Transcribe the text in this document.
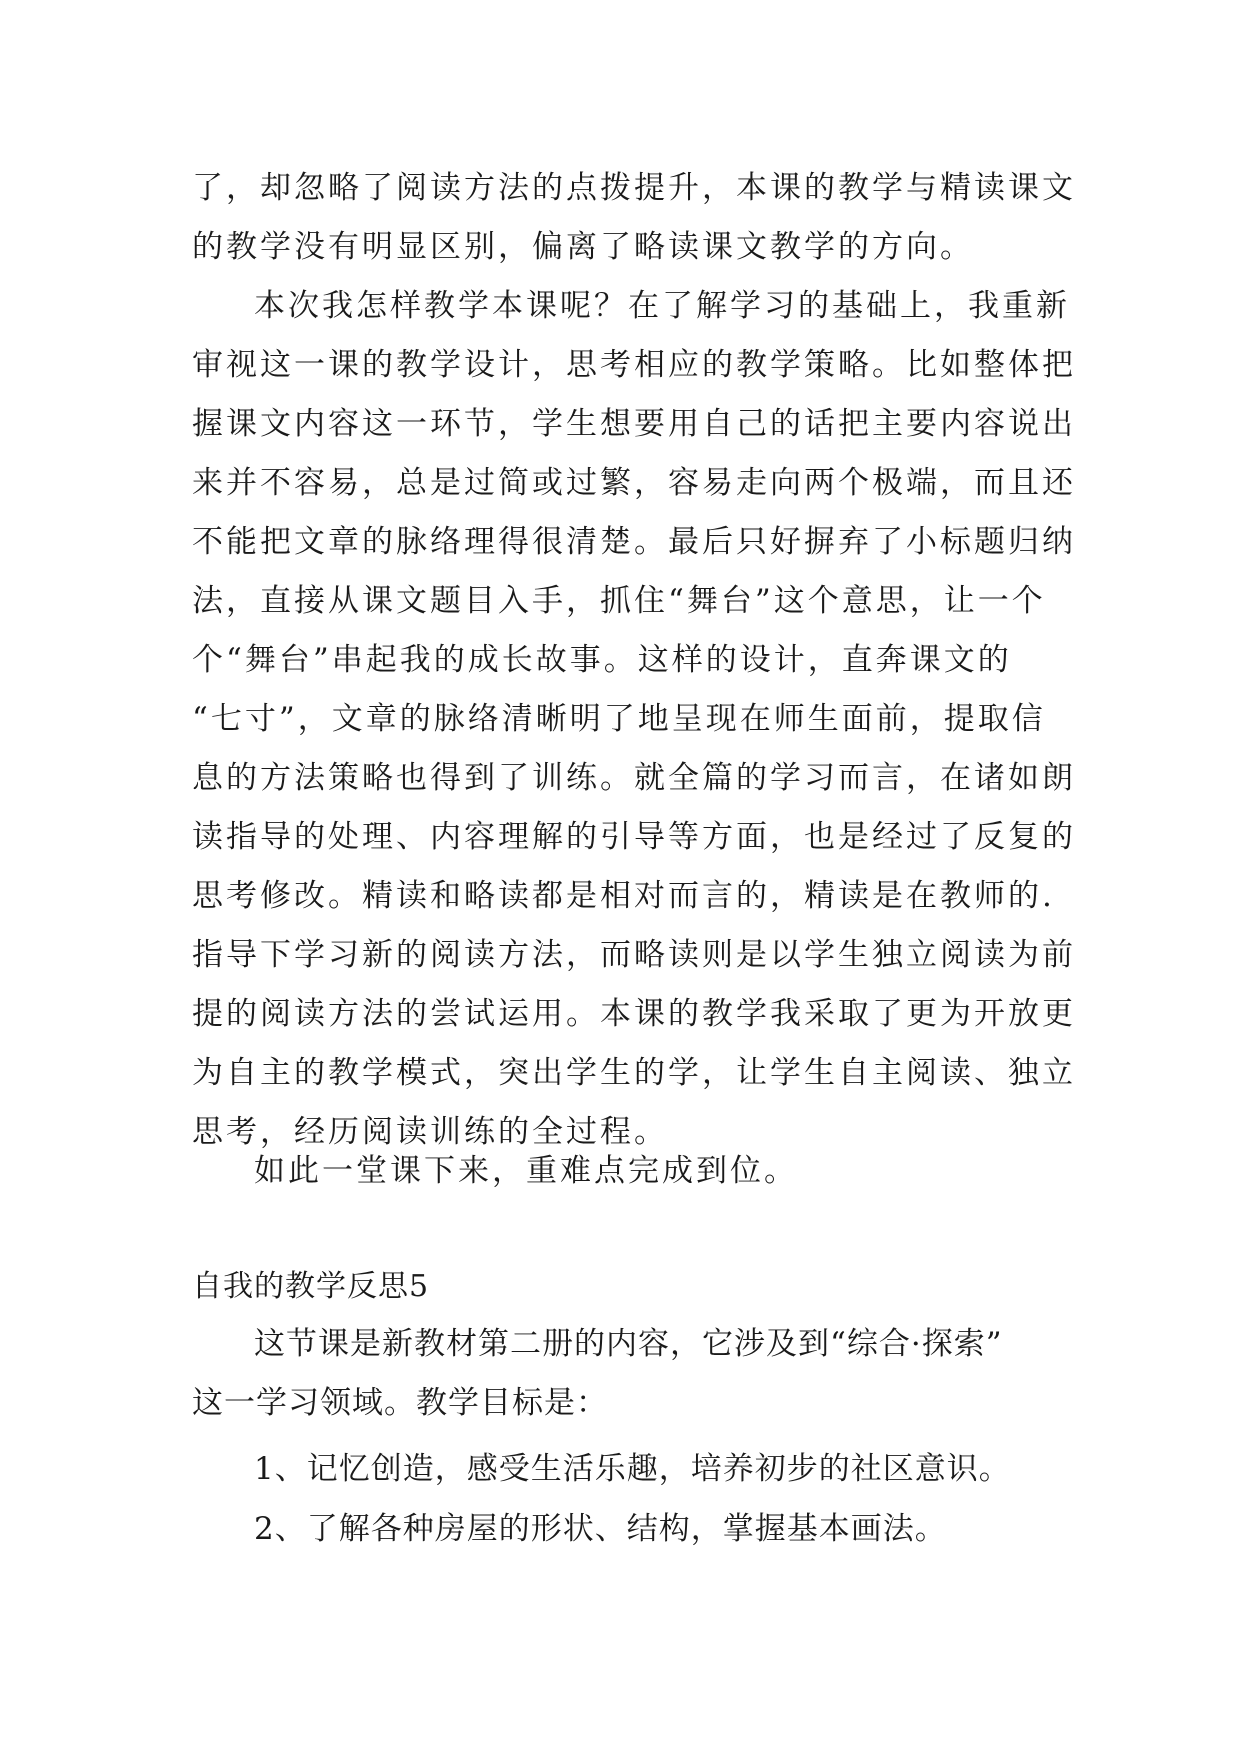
了，却忽略了阅读方法的点拨提升，本课的教学与精读课文
的教学没有明显区别，偏离了略读课文教学的方向。
本次我怎样教学本课呢？在了解学习的基础上，我重新
审视这一课的教学设计，思考相应的教学策略。比如整体把
握课文内容这一环节，学生想要用自己的话把主要内容说出
来并不容易，总是过简或过繁，容易走向两个极端，而且还
不能把文章的脉络理得很清楚。最后只好摒弃了小标题归纳
法，直接从课文题目入手，抓住“舞台”这个意思，让一个
个“舞台”串起我的成长故事。这样的设计，直奔课文的
“七寸”，文章的脉络清晰明了地呈现在师生面前，提取信
息的方法策略也得到了训练。就全篇的学习而言，在诸如朗
读指导的处理、内容理解的引导等方面，也是经过了反复的
思考修改。精读和略读都是相对而言的，精读是在教师的.
指导下学习新的阅读方法，而略读则是以学生独立阅读为前
提的阅读方法的尝试运用。本课的教学我采取了更为开放更
为自主的教学模式，突出学生的学，让学生自主阅读、独立
思考，经历阅读训练的全过程。
如此一堂课下来，重难点完成到位。
自我的教学反思5
这节课是新教材第二册的内容，它涉及到“综合·探索”
这一学习领域。教学目标是：
1、记忆创造，感受生活乐趣，培养初步的社区意识。
2、了解各种房屋的形状、结构，掌握基本画法。
